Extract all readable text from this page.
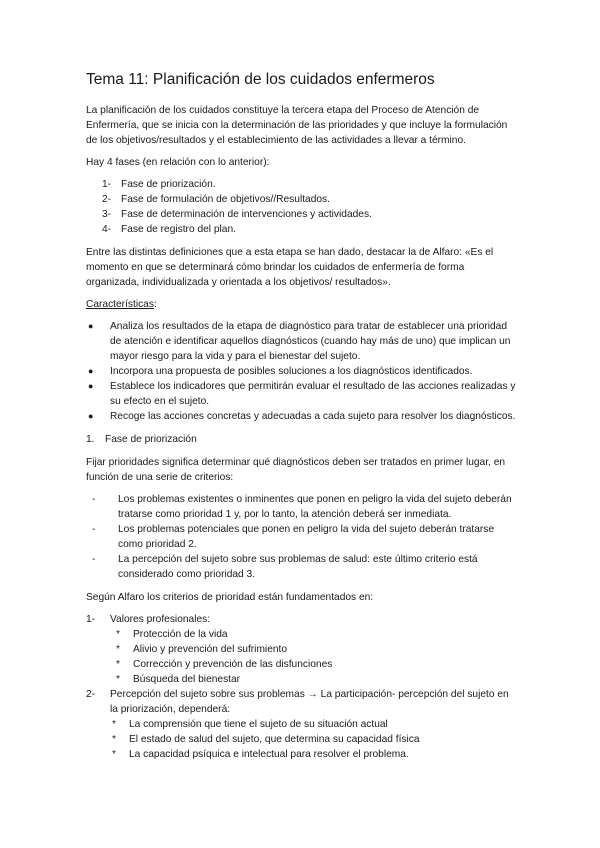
Tema 11: Planificación de los cuidados enfermeros

La planificación de los cuidados constituye la tercera etapa del Proceso de Atención de Enfermería, que se inicia con la determinación de las prioridades y que incluye la formulación de los objetivos/resultados y el establecimiento de las actividades a llevar a término.

Hay 4 fases (en relación con lo anterior):

1- Fase de priorización.
2- Fase de formulación de objetivos//Resultados.
3- Fase de determinación de intervenciones y actividades.
4- Fase de registro del plan.

Entre las distintas definiciones que a esta etapa se han dado, destacar la de Alfaro: «Es el momento en que se determinará cómo brindar los cuidados de enfermería de forma organizada, individualizada y orientada a los objetivos/ resultados».

Características:

●	Analiza los resultados de la etapa de diagnóstico para tratar de establecer una prioridad de atención e identificar aquellos diagnósticos (cuando hay más de uno) que implican un mayor riesgo para la vida y para el bienestar del sujeto.
●	Incorpora una propuesta de posibles soluciones a los diagnósticos identificados.
●	Establece los indicadores que permitirán evaluar el resultado de las acciones realizadas y su efecto en el sujeto.
●	Recoge las acciones concretas y adecuadas a cada sujeto para resolver los diagnósticos.
1.	Fase de priorización

Fijar prioridades significa determinar qué diagnósticos deben ser tratados en primer lugar, en función de una serie de criterios:

-	Los problemas existentes o inminentes que ponen en peligro la vida del sujeto deberán tratarse como prioridad 1 y, por lo tanto, la atención deberá ser inmediata.
-	Los problemas potenciales que ponen en peligro la vida del sujeto deberán tratarse como prioridad 2.
-	La percepción del sujeto sobre sus problemas de salud: este último criterio está considerado como prioridad 3.

Según Alfaro los criterios de prioridad están fundamentados en:

1-	Valores profesionales:
*	Protección de la vida
*	Alivio y prevención del sufrimiento
*	Corrección y prevención de las disfunciones
*	Búsqueda del bienestar
2-	Percepción del sujeto sobre sus problemas → La participación- percepción del sujeto en la priorización, dependerá:
*	La comprensión que tiene el sujeto de su situación actual
*	El estado de salud del sujeto, que determina su capacidad física
*	La capacidad psíquica e intelectual para resolver el problema.
